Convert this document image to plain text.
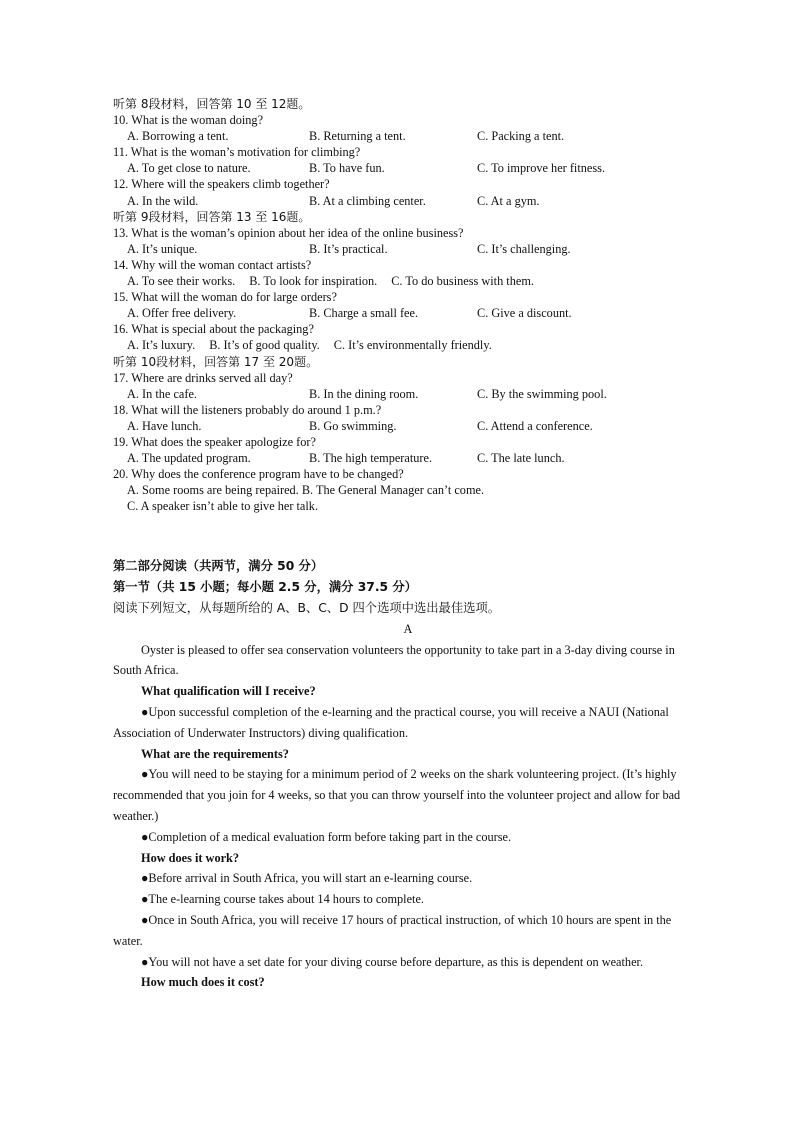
听第 8段材料，回答第 10 至 12题。
10. What is the woman doing?
A. Borrowing a tent.	B. Returning a tent.	C. Packing a tent.
11. What is the woman’s motivation for climbing?
A. To get close to nature.	B. To have fun.	C. To improve her fitness.
12. Where will the speakers climb together?
A. In the wild.	B. At a climbing center.	C. At a gym.
听第 9段材料，回答第 13 至 16题。
13. What is the woman’s opinion about her idea of the online business?
A. It’s unique.	B. It’s practical.	C. It’s challenging.
14. Why will the woman contact artists?
A. To see their works. B. To look for inspiration. C. To do business with them.
15. What will the woman do for large orders?
A. Offer free delivery.	B. Charge a small fee.	C. Give a discount.
16. What is special about the packaging?
A. It’s luxury. B. It’s of good quality. C. It’s environmentally friendly.
听第 10段材料，回答第 17 至 20题。
17. Where are drinks served all day?
A. In the cafe.	B. In the dining room.	C. By the swimming pool.
18. What will the listeners probably do around 1 p.m.?
A. Have lunch.	B. Go swimming.	C. Attend a conference.
19. What does the speaker apologize for?
A. The updated program.	B. The high temperature.	C. The late lunch.
20. Why does the conference program have to be changed?
A. Some rooms are being repaired. B. The General Manager can’t come.
C. A speaker isn’t able to give her talk.
第二部分阅读（共两节，满分 50 分）
第一节（共 15 小题；每小题 2.5 分，满分 37.5 分）
阅读下列短文，从每题所给的 A、B、C、D 四个选项中选出最佳选项。
A
Oyster is pleased to offer sea conservation volunteers the opportunity to take part in a 3-day diving course in South Africa.
What qualification will I receive?
●Upon successful completion of the e-learning and the practical course, you will receive a NAUI (National Association of Underwater Instructors) diving qualification.
What are the requirements?
●You will need to be staying for a minimum period of 2 weeks on the shark volunteering project. (It’s highly recommended that you join for 4 weeks, so that you can throw yourself into the volunteer project and allow for bad weather.)
●Completion of a medical evaluation form before taking part in the course.
How does it work?
●Before arrival in South Africa, you will start an e-learning course.
●The e-learning course takes about 14 hours to complete.
●Once in South Africa, you will receive 17 hours of practical instruction, of which 10 hours are spent in the water.
●You will not have a set date for your diving course before departure, as this is dependent on weather.
How much does it cost?
